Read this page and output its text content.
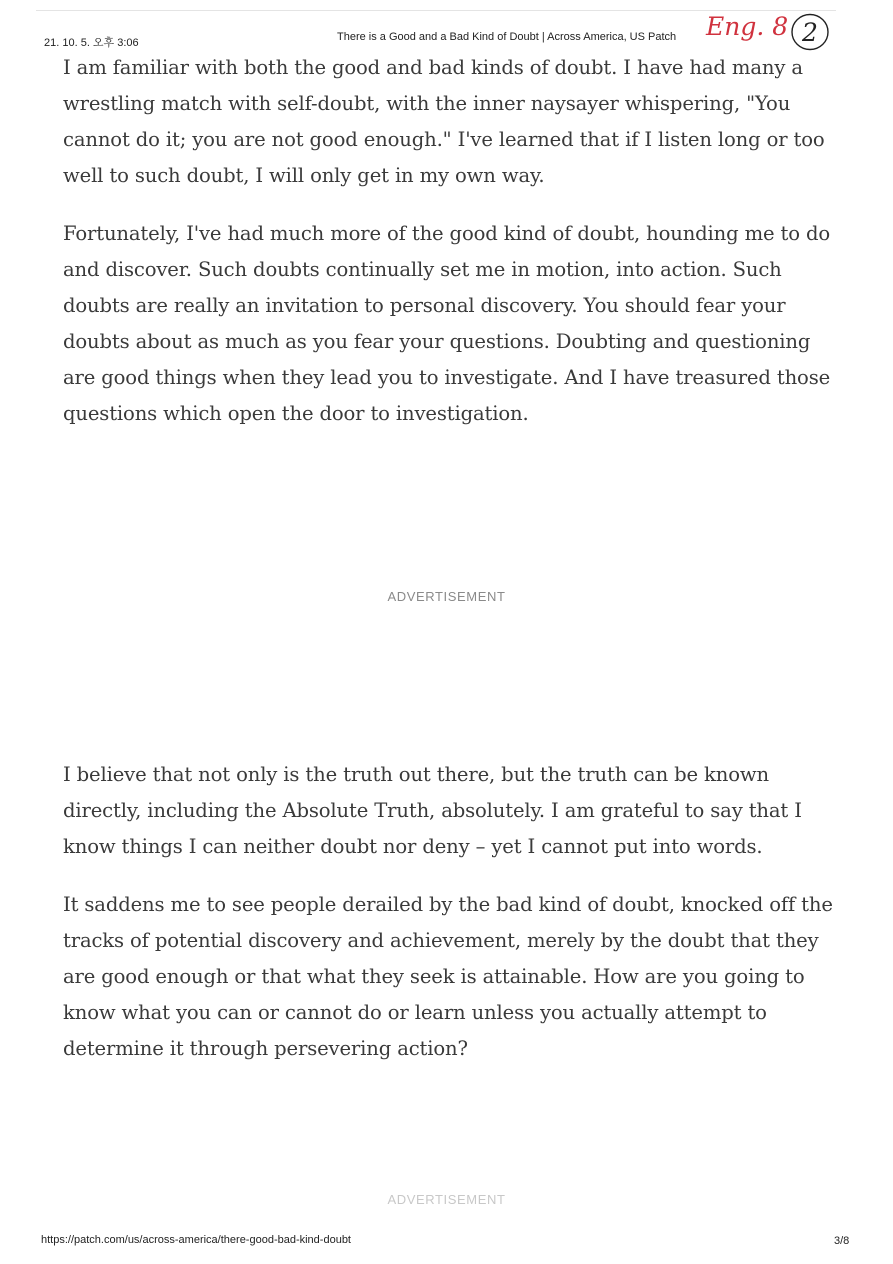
21. 10. 5. 오후 3:06	There is a Good and a Bad Kind of Doubt | Across America, US Patch Eng. 8 2

I am familiar with both the good and bad kinds of doubt. I have had many a wrestling match with self-doubt, with the inner naysayer whispering, "You cannot do it; you are not good enough." I've learned that if I listen long or too well to such doubt, I will only get in my own way.

Fortunately, I've had much more of the good kind of doubt, hounding me to do and discover. Such doubts continually set me in motion, into action. Such doubts are really an invitation to personal discovery. You should fear your doubts about as much as you fear your questions. Doubting and questioning are good things when they lead you to investigate. And I have treasured those questions which open the door to investigation.

ADVERTISEMENT

I believe that not only is the truth out there, but the truth can be known directly, including the Absolute Truth, absolutely. I am grateful to say that I know things I can neither doubt nor deny – yet I cannot put into words.

It saddens me to see people derailed by the bad kind of doubt, knocked off the tracks of potential discovery and achievement, merely by the doubt that they are good enough or that what they seek is attainable. How are you going to know what you can or cannot do or learn unless you actually attempt to determine it through persevering action?

ADVERTISEMENT
https://patch.com/us/across-america/there-good-bad-kind-doubt	3/8
